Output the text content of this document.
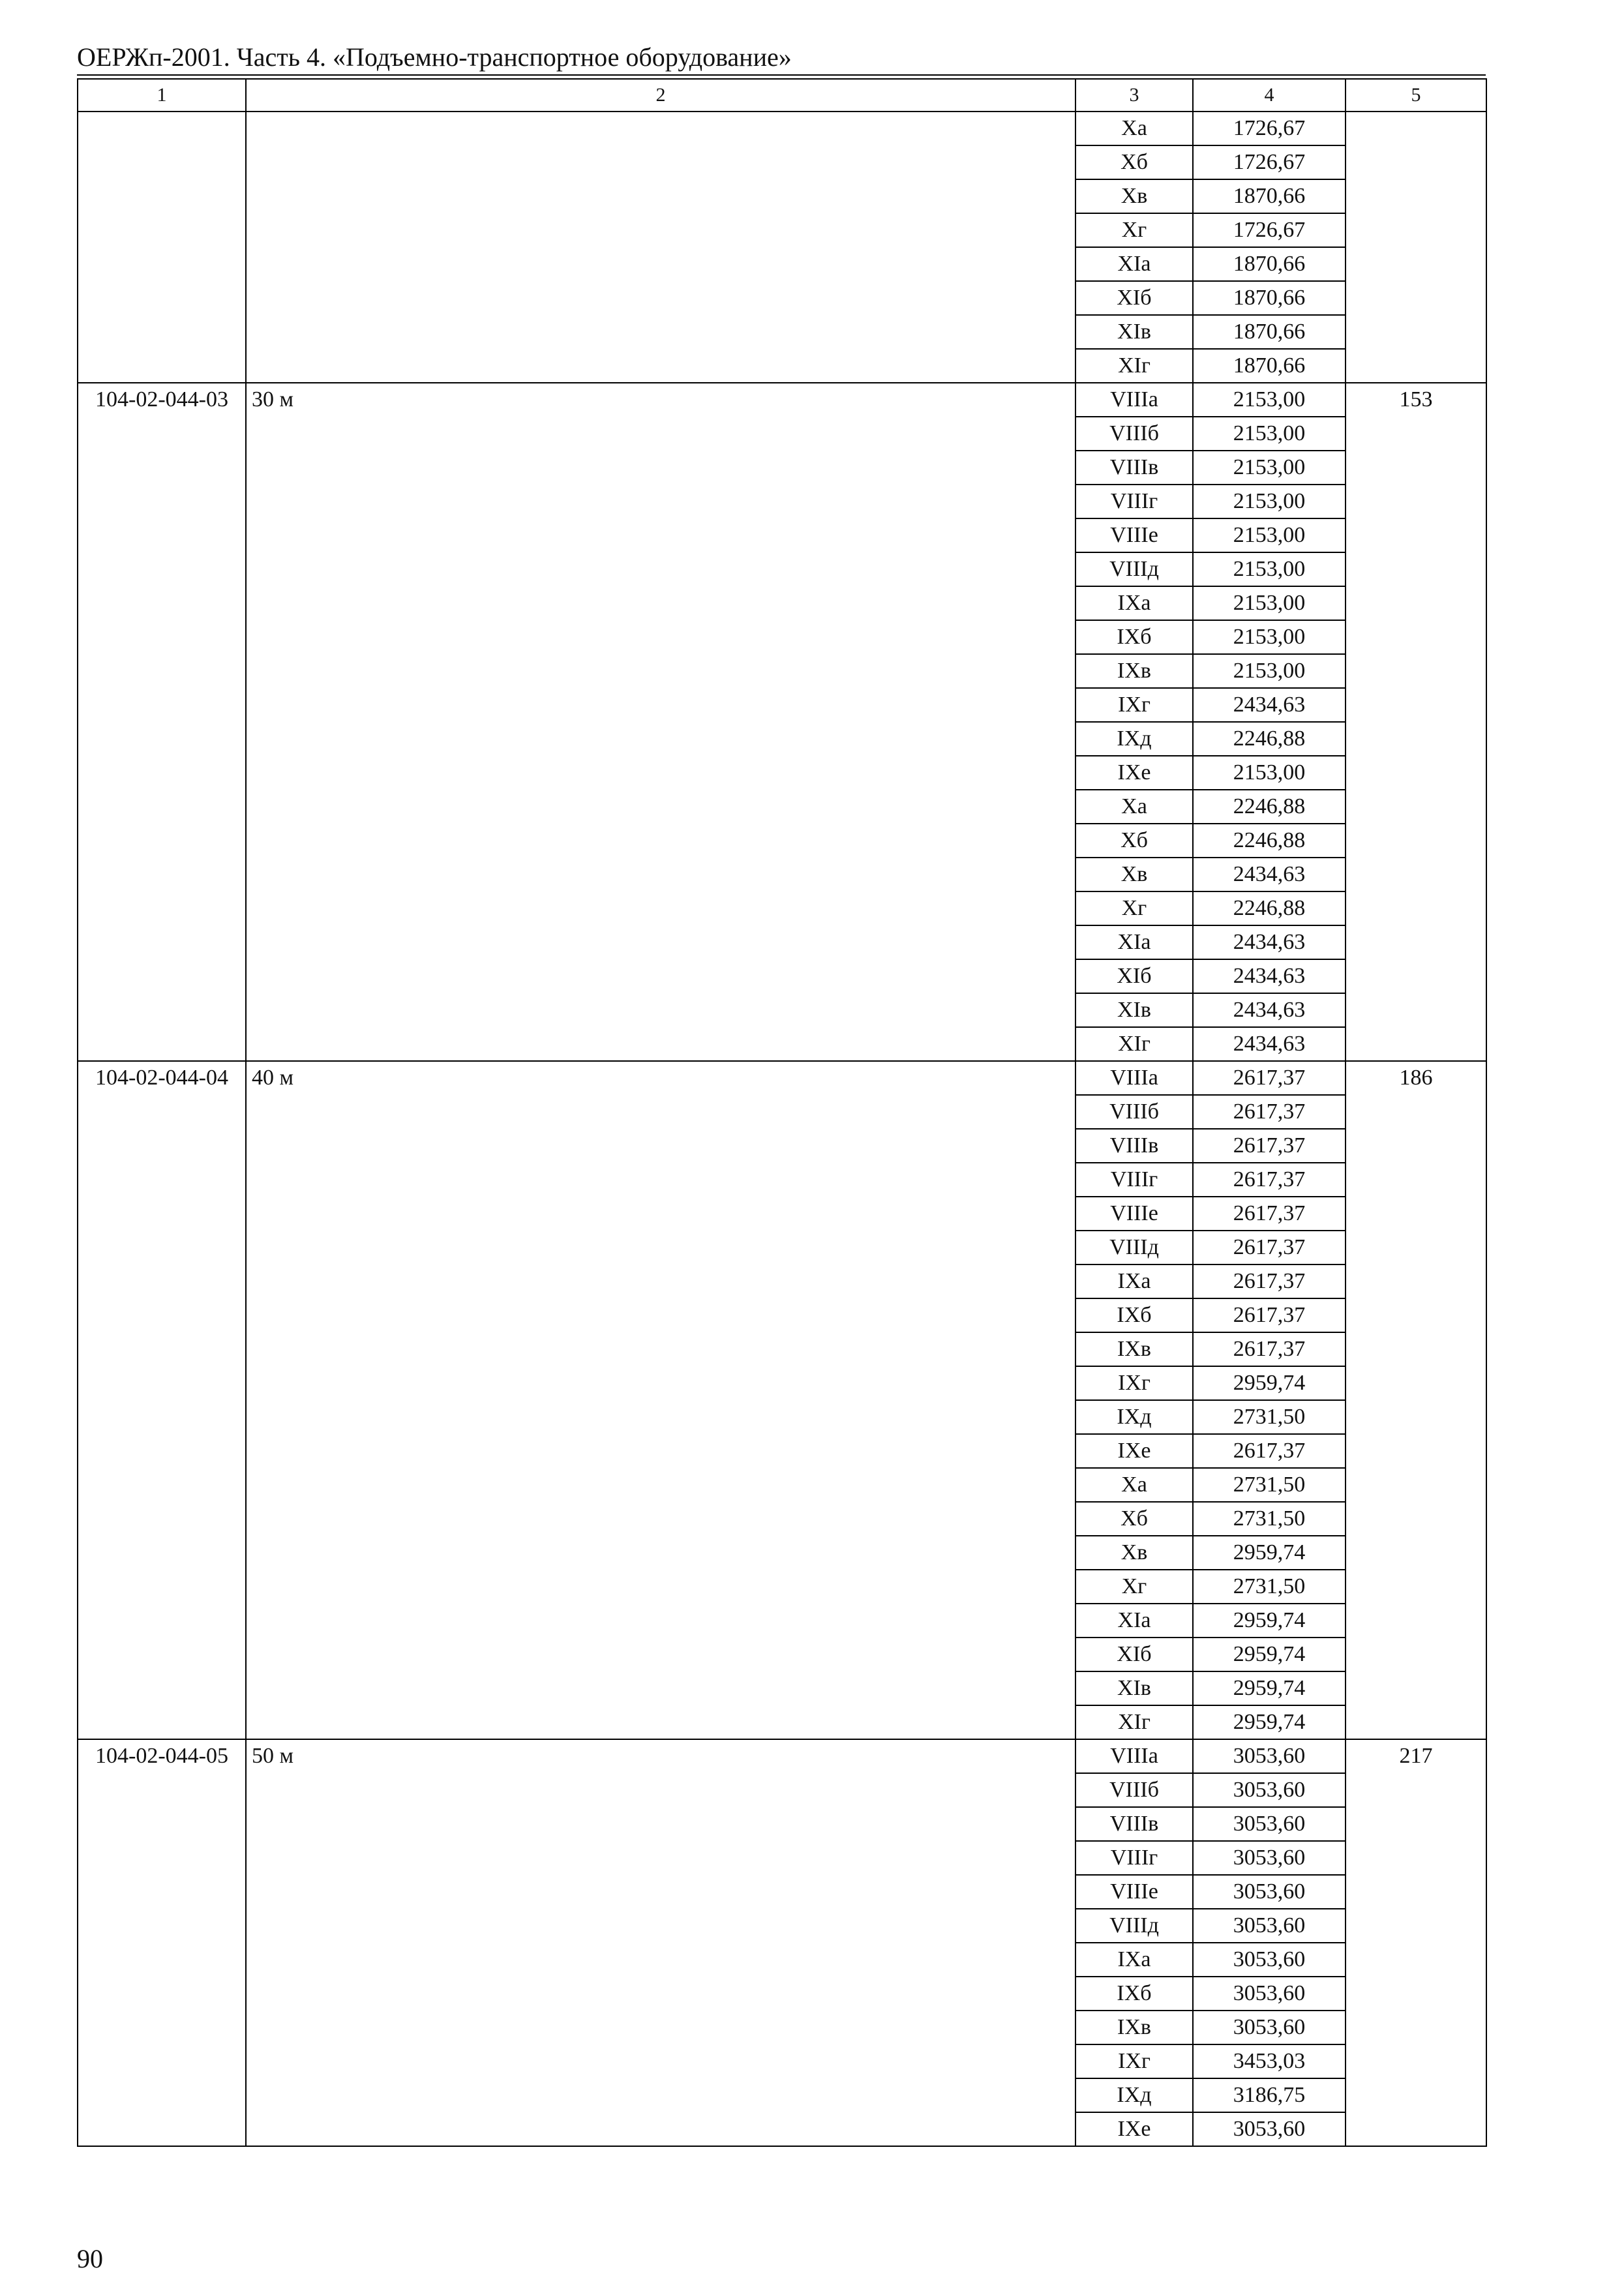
ОЕРЖп-2001. Часть 4. «Подъемно-транспортное оборудование»
1	2	3	4	5
		Xa	1726,67	
		Xб	1726,67	
		Xв	1870,66	
		Xг	1726,67	
		XIa	1870,66	
		XIб	1870,66	
		XIв	1870,66	
		XIг	1870,66	
104-02-044-03	30 м	VIIIa	2153,00	153
		VIIIб	2153,00	
		VIIIв	2153,00	
		VIIIг	2153,00	
		VIIIe	2153,00	
		VIIIд	2153,00	
		IXa	2153,00	
		IXб	2153,00	
		IXв	2153,00	
		IXг	2434,63	
		IXд	2246,88	
		IXe	2153,00	
		Xa	2246,88	
		Xб	2246,88	
		Xв	2434,63	
		Xг	2246,88	
		XIa	2434,63	
		XIб	2434,63	
		XIв	2434,63	
		XIг	2434,63	
104-02-044-04	40 м	VIIIa	2617,37	186
		VIIIб	2617,37	
		VIIIв	2617,37	
		VIIIг	2617,37	
		VIIIe	2617,37	
		VIIIд	2617,37	
		IXa	2617,37	
		IXб	2617,37	
		IXв	2617,37	
		IXг	2959,74	
		IXд	2731,50	
		IXe	2617,37	
		Xa	2731,50	
		Xб	2731,50	
		Xв	2959,74	
		Xг	2731,50	
		XIa	2959,74	
		XIб	2959,74	
		XIв	2959,74	
		XIг	2959,74	
104-02-044-05	50 м	VIIIa	3053,60	217
		VIIIб	3053,60	
		VIIIв	3053,60	
		VIIIг	3053,60	
		VIIIe	3053,60	
		VIIIд	3053,60	
		IXa	3053,60	
		IXб	3053,60	
		IXв	3053,60	
		IXг	3453,03	
		IXд	3186,75	
		IXe	3053,60	
90
